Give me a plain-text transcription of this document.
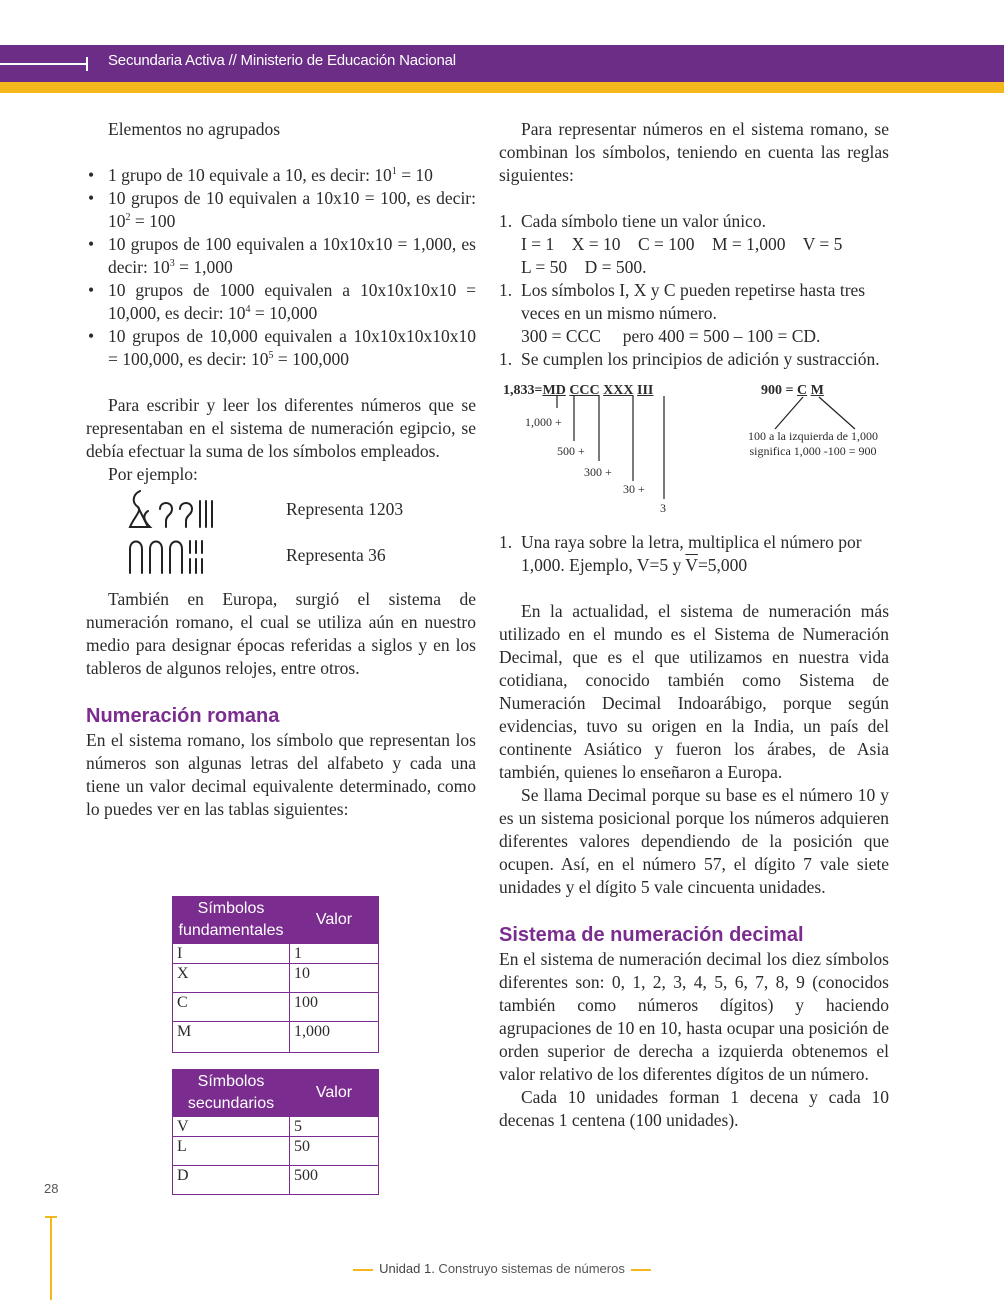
Secundaria Activa // Ministerio de Educación Nacional

Elementos no agrupados

• 1 grupo de 10 equivale a 10, es decir: $10^1 = 10$
• 10 grupos de 10 equivalen a 10x10 = 100, es decir: $10^2 = 100$
• 10 grupos de 100 equivalen a 10x10x10 = 1,000, es decir: $10^3 = 1,000$
• 10 grupos de 1000 equivalen a 10x10x10x10 = 10,000, es decir: $10^4 = 10,000$
• 10 grupos de 10,000 equivalen a 10x10x10x10x10 = 100,000, es decir: $10^5 = 100,000$

Para escribir y leer los diferentes números que se representaban en el sistema de numeración egipcio, se debía efectuar la suma de los símbolos empleados.

Por ejemplo:

Representa 1203
Representa 36

También en Europa, surgió el sistema de numeración romano, el cual se utiliza aún en nuestro medio para designar épocas referidas a siglos y en los tableros de algunos relojes, entre otros.

Numeración romana

En el sistema romano, los símbolo que representan los números son algunas letras del alfabeto y cada una tiene un valor decimal equivalente determinado, como lo puedes ver en las tablas siguientes:

Símbolos fundamentales	Valor
I	1
X	10
C	100
M	1,000
Símbolos secundarios	Valor
V	5
L	50
D	500

Para representar números en el sistema romano, se combinan los símbolos, teniendo en cuenta las reglas siguientes:

1. Cada símbolo tiene un valor único.
I = 1    X = 10    C = 100    M = 1,000    V = 5
L = 50    D = 500.
1. Los símbolos I, X y C pueden repetirse hasta tres veces en un mismo número.
300 = CCC     pero 400 = 500 – 100 = CD.
1. Se cumplen los principios de adición y sustracción.
1,833=MD CCC XXX III
1,000 +
500 +
300 +
30 +
3
900 = C M
100 a la izquierda de 1,000
significa 1,000 -100 = 900
1. Una raya sobre la letra, multiplica el número por 1,000. Ejemplo, V=5 y $\overline{V}=5,000$

En la actualidad, el sistema de numeración más utilizado en el mundo es el Sistema de Numeración Decimal, que es el que utilizamos en nuestra vida cotidiana, conocido también como Sistema de Numeración Decimal Indoarábigo, porque según evidencias, tuvo su origen en la India, un país del continente Asiático y fueron los árabes, de Asia también, quienes lo enseñaron a Europa.

Se llama Decimal porque su base es el número 10 y es un sistema posicional porque los números adquieren diferentes valores dependiendo de la posición que ocupen. Así, en el número 57, el dígito 7 vale siete unidades y el dígito 5 vale cincuenta unidades.

Sistema de numeración decimal

En el sistema de numeración decimal los diez símbolos diferentes son: 0, 1, 2, 3, 4, 5, 6, 7, 8, 9 (conocidos también como números dígitos) y haciendo agrupaciones de 10 en 10, hasta ocupar una posición de orden superior de derecha a izquierda obtenemos el valor relativo de los diferentes dígitos de un número.

Cada 10 unidades forman 1 decena y cada 10 decenas 1 centena (100 unidades).

28
Unidad 1. Construyo sistemas de números
